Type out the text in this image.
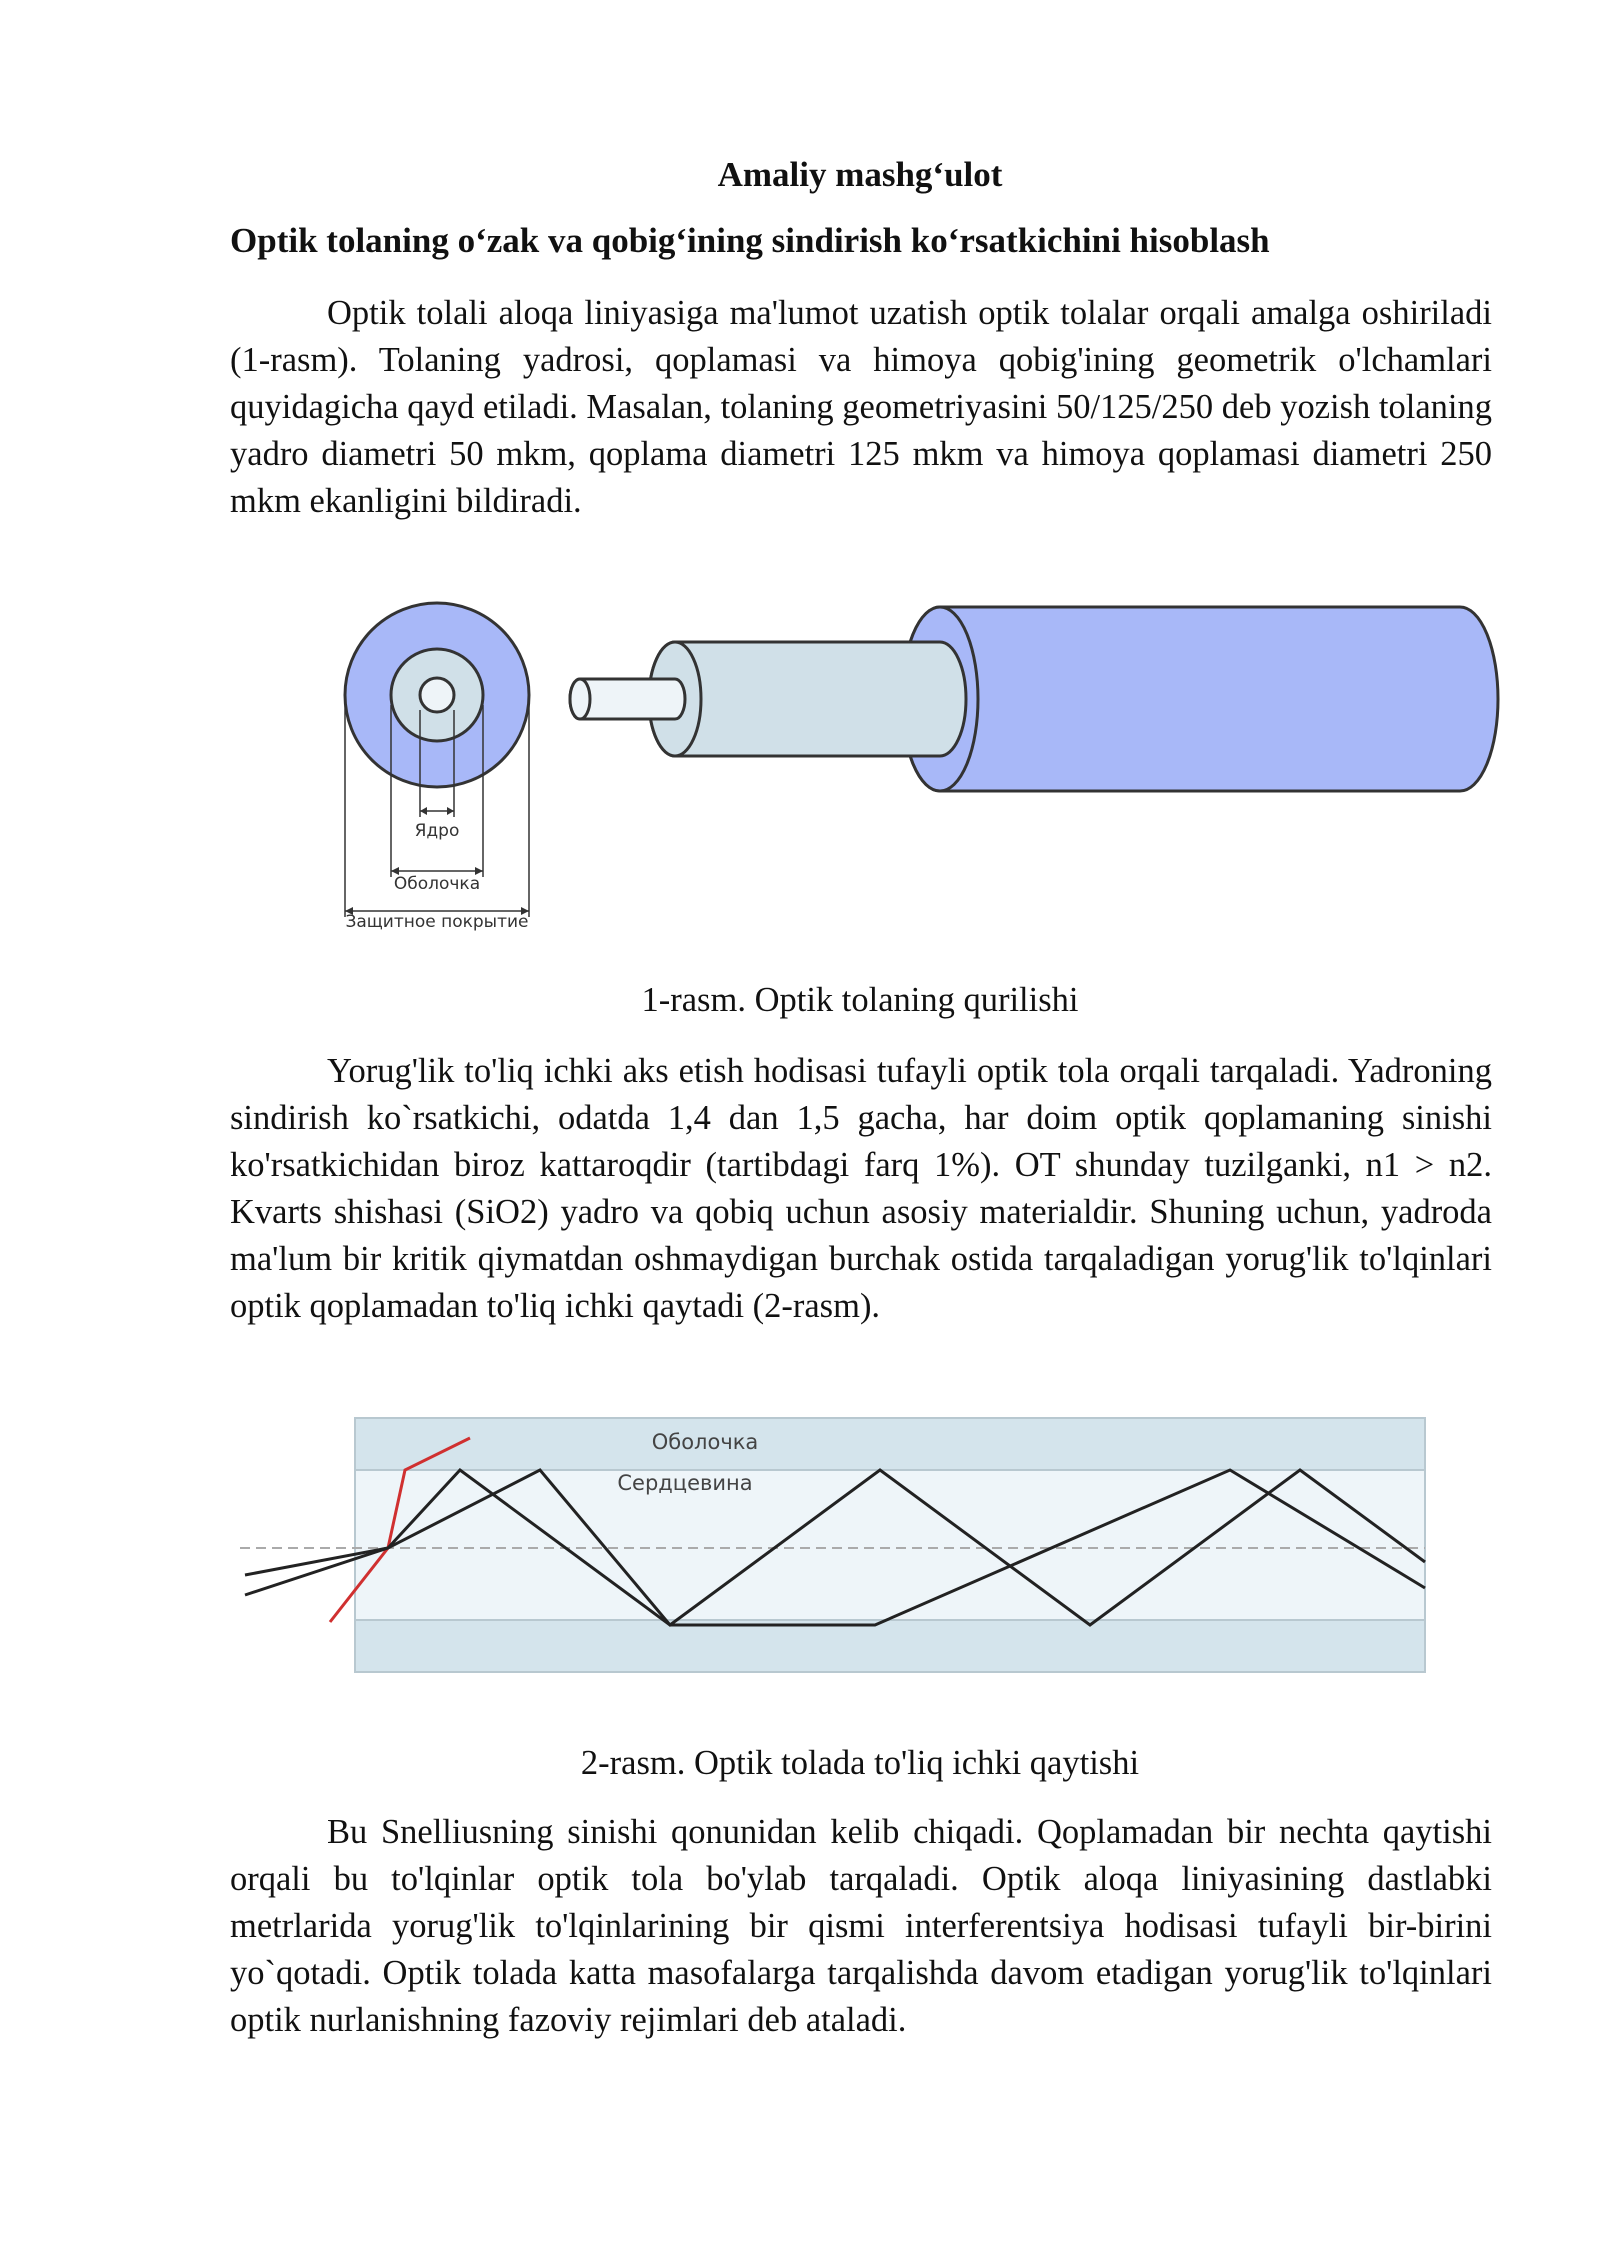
Amaliy mashg‘ulot
Optik tolaning o‘zak va qobig‘ining sindirish ko‘rsatkichini hisoblash

Optik tolali aloqa liniyasiga ma'lumot uzatish optik tolalar orqali amalga oshiriladi (1-rasm). Tolaning yadrosi, qoplamasi va himoya qobig'ining geometrik o'lchamlari quyidagicha qayd etiladi. Masalan, tolaning geometriyasini 50/125/250 deb yozish tolaning yadro diametri 50 mkm, qoplama diametri 125 mkm va himoya qoplamasi diametri 250 mkm ekanligini bildiradi.

Ядро
Оболочка
Защитное покрытие
1-rasm. Optik tolaning qurilishi

Yorug'lik to'liq ichki aks etish hodisasi tufayli optik tola orqali tarqaladi. Yadroning sindirish ko`rsatkichi, odatda 1,4 dan 1,5 gacha, har doim optik qoplamaning sinishi ko'rsatkichidan biroz kattaroqdir (tartibdagi farq 1%). OT shunday tuzilganki, n1 > n2. Kvarts shishasi (SiO2) yadro va qobiq uchun asosiy materialdir. Shuning uchun, yadroda ma'lum bir kritik qiymatdan oshmaydigan burchak ostida tarqaladigan yorug'lik to'lqinlari optik qoplamadan to'liq ichki qaytadi (2-rasm).

Оболочка
Сердцевина
2-rasm. Optik tolada to'liq ichki qaytishi

Bu Snelliusning sinishi qonunidan kelib chiqadi. Qoplamadan bir nechta qaytishi orqali bu to'lqinlar optik tola bo'ylab tarqaladi. Optik aloqa liniyasining dastlabki metrlarida yorug'lik to'lqinlarining bir qismi interferentsiya hodisasi tufayli bir-birini yo`qotadi. Optik tolada katta masofalarga tarqalishda davom etadigan yorug'lik to'lqinlari optik nurlanishning fazoviy rejimlari deb ataladi.
